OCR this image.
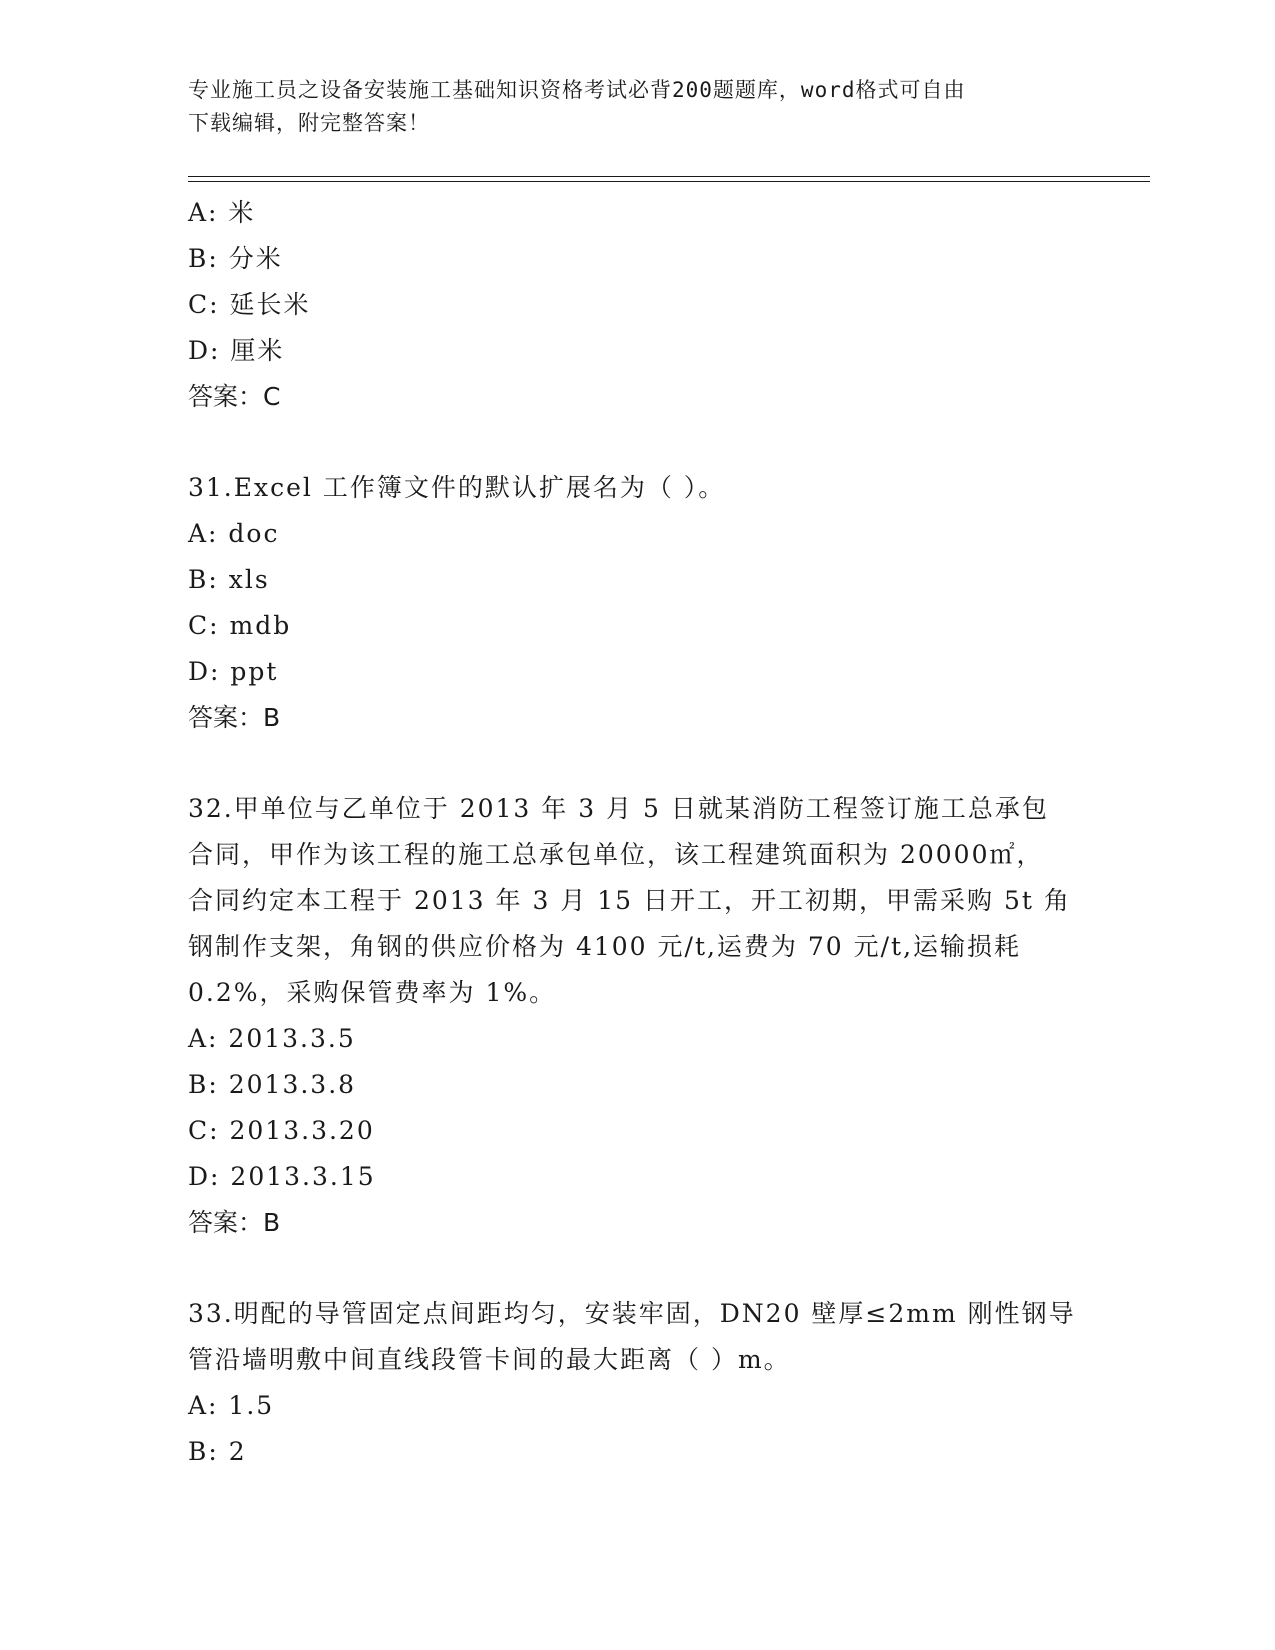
专业施工员之设备安装施工基础知识资格考试必背200题题库，word格式可自由
下载编辑，附完整答案！
A: 米
B: 分米
C: 延长米
D: 厘米
答案：C
31.Excel 工作簿文件的默认扩展名为（ ）。
A: doc
B: xls
C: mdb
D: ppt
答案：B
32.甲单位与乙单位于 2013 年 3 月 5 日就某消防工程签订施工总承包
合同，甲作为该工程的施工总承包单位，该工程建筑面积为 20000㎡，
合同约定本工程于 2013 年 3 月 15 日开工，开工初期，甲需采购 5t 角
钢制作支架，角钢的供应价格为 4100 元/t,运费为 70 元/t,运输损耗
0.2%，采购保管费率为 1%。
A: 2013.3.5
B: 2013.3.8
C: 2013.3.20
D: 2013.3.15
答案：B
33.明配的导管固定点间距均匀，安装牢固，DN20 壁厚≤2mm 刚性钢导
管沿墙明敷中间直线段管卡间的最大距离（ ）m。
A: 1.5
B: 2
